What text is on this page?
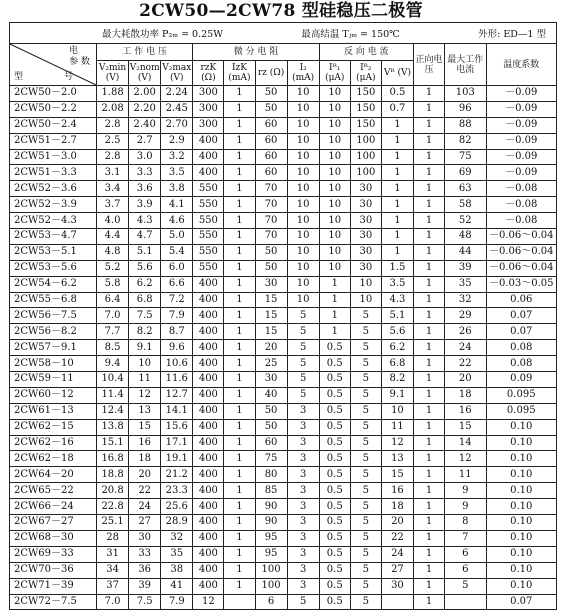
2CW50—2CW78 型硅稳压二极管
最大耗散功率 P₂ₘ = 0.25W 最高结温 Tⱼₘ = 150℃ 外形: ED—1 型													

电
参 数
型 号	工 作 电 压			微 分 电 阻				反 向 电 流			正向电压	最大工作电流	温度系数
	V₂min (V)	V₂nom (V)	V₂max (V)	rzK (Ω)	IzK (mA)	rz (Ω)	I₂ (mA)	Iᴿ₁ (μA)	Iᴿ₂ (μA)	Vᴿ (V)			
2CW50－2.0	1.88	2.00	2.24	300	1	50	10	10	150	0.5	1	103	－0.09
2CW50－2.2	2.08	2.20	2.45	300	1	50	10	10	150	0.7	1	96	－0.09
2CW50－2.4	2.8	2.40	2.70	300	1	60	10	10	150	1	1	88	－0.09
2CW51－2.7	2.5	2.7	2.9	400	1	60	10	10	100	1	1	82	－0.09
2CW51－3.0	2.8	3.0	3.2	400	1	60	10	10	100	1	1	75	－0.09
2CW51－3.3	3.1	3.3	3.5	400	1	60	10	10	100	1	1	69	－0.09
2CW52－3.6	3.4	3.6	3.8	550	1	70	10	10	30	1	1	63	－0.08
2CW52－3.9	3.7	3.9	4.1	550	1	70	10	10	30	1	1	58	－0.08
2CW52－4.3	4.0	4.3	4.6	550	1	70	10	10	30	1	1	52	－0.08
2CW53－4.7	4.4	4.7	5.0	550	1	70	10	10	30	1	1	48	－0.06～0.04
2CW53－5.1	4.8	5.1	5.4	550	1	50	10	10	30	1	1	44	－0.06～0.04
2CW53－5.6	5.2	5.6	6.0	550	1	50	10	10	30	1.5	1	39	－0.06～0.04
2CW54－6.2	5.8	6.2	6.6	400	1	30	10	1	10	3.5	1	35	－0.03～0.05
2CW55－6.8	6.4	6.8	7.2	400	1	15	10	1	10	4.3	1	32	0.06
2CW56－7.5	7.0	7.5	7.9	400	1	15	5	1	5	5.1	1	29	0.07
2CW56－8.2	7.7	8.2	8.7	400	1	15	5	1	5	5.6	1	26	0.07
2CW57－9.1	8.5	9.1	9.6	400	1	20	5	0.5	5	6.2	1	24	0.08
2CW58－10	9.4	10	10.6	400	1	25	5	0.5	5	6.8	1	22	0.08
2CW59－11	10.4	11	11.6	400	1	30	5	0.5	5	8.2	1	20	0.09
2CW60－12	11.4	12	12.7	400	1	40	5	0.5	5	9.1	1	18	0.095
2CW61－13	12.4	13	14.1	400	1	50	3	0.5	5	10	1	16	0.095
2CW62－15	13.8	15	15.6	400	1	50	3	0.5	5	11	1	15	0.10
2CW62－16	15.1	16	17.1	400	1	60	3	0.5	5	12	1	14	0.10
2CW62－18	16.8	18	19.1	400	1	75	3	0.5	5	13	1	12	0.10
2CW64－20	18.8	20	21.2	400	1	80	3	0.5	5	15	1	11	0.10
2CW65－22	20.8	22	23.3	400	1	85	3	0.5	5	16	1	9	0.10
2CW66－24	22.8	24	25.6	400	1	90	3	0.5	5	18	1	9	0.10
2CW67－27	25.1	27	28.9	400	1	90	3	0.5	5	20	1	8	0.10
2CW68－30	28	30	32	400	1	95	3	0.5	5	22	1	7	0.10
2CW69－33	31	33	35	400	1	95	3	0.5	5	24	1	6	0.10
2CW70－36	34	36	38	400	1	100	3	0.5	5	27	1	6	0.10
2CW71－39	37	39	41	400	1	100	3	0.5	5	30	1	5	0.10
2CW72－7.5	7.0	7.5	7.9	12		6	5	0.5	5		1		0.07
